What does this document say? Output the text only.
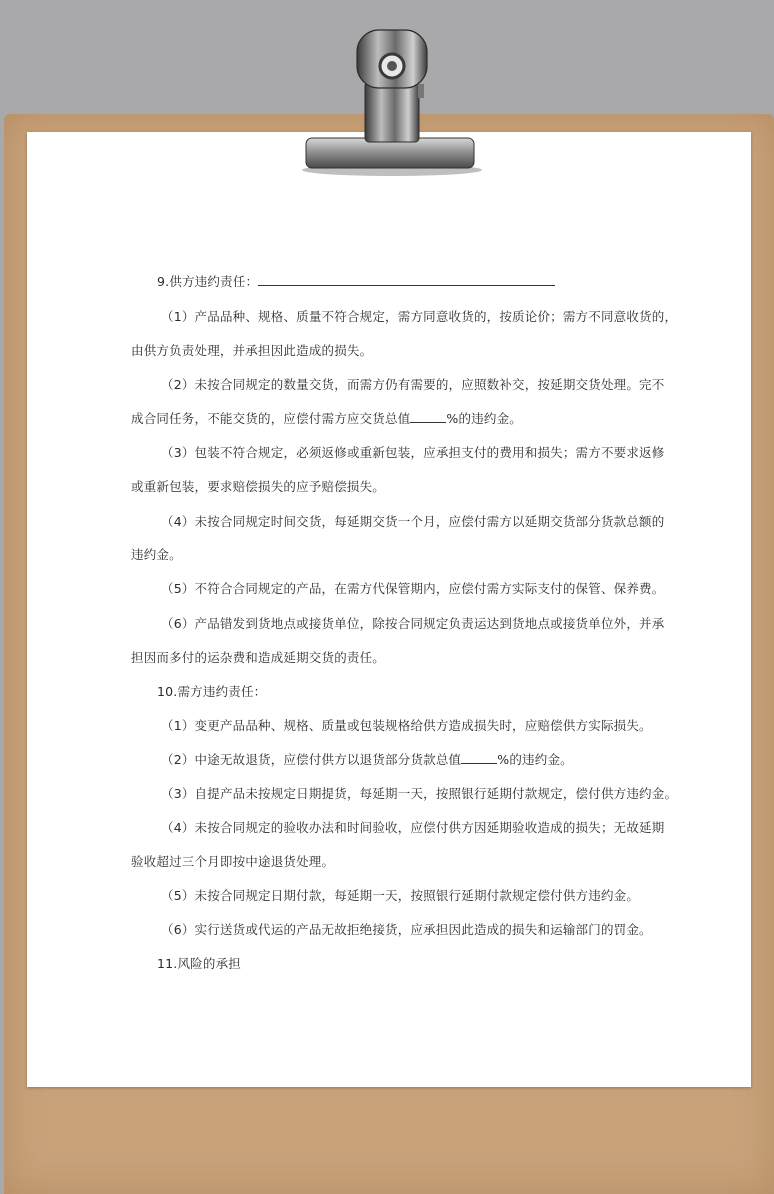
9.供方违约责任：
（1）产品品种、规格、质量不符合规定，需方同意收货的，按质论价；需方不同意收货的，
由供方负责处理，并承担因此造成的损失。
（2）未按合同规定的数量交货，而需方仍有需要的，应照数补交，按延期交货处理。完不
成合同任务，不能交货的，应偿付需方应交货总值	%的违约金。
（3）包装不符合规定，必须返修或重新包装，应承担支付的费用和损失；需方不要求返修
或重新包装，要求赔偿损失的应予赔偿损失。
（4）未按合同规定时间交货，每延期交货一个月，应偿付需方以延期交货部分货款总额的
违约金。
（5）不符合合同规定的产品，在需方代保管期内，应偿付需方实际支付的保管、保养费。
（6）产品错发到货地点或接货单位，除按合同规定负责运达到货地点或接货单位外，并承
担因而多付的运杂费和造成延期交货的责任。
10.需方违约责任：
（1）变更产品品种、规格、质量或包装规格给供方造成损失时，应赔偿供方实际损失。
（2）中途无故退货，应偿付供方以退货部分货款总值	%的违约金。
（3）自提产品未按规定日期提货，每延期一天，按照银行延期付款规定，偿付供方违约金。
（4）未按合同规定的验收办法和时间验收，应偿付供方因延期验收造成的损失；无故延期
验收超过三个月即按中途退货处理。
（5）未按合同规定日期付款，每延期一天，按照银行延期付款规定偿付供方违约金。
（6）实行送货或代运的产品无故拒绝接货，应承担因此造成的损失和运输部门的罚金。
11.风险的承担
